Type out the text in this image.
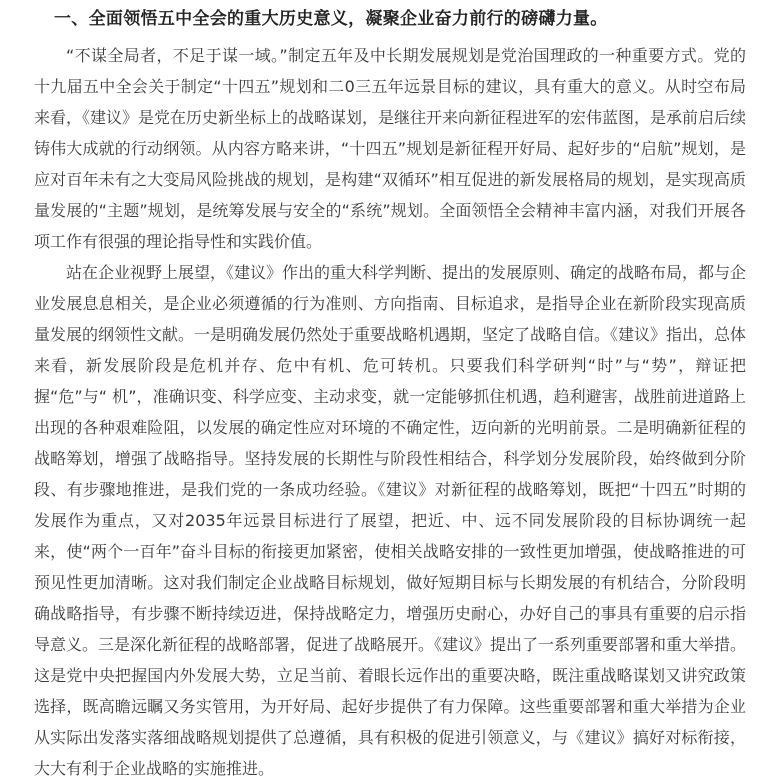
一、全面领悟五中全会的重大历史意义，凝聚企业奋力前行的磅礴力量。

“不谋全局者，不足于谋一域。”制定五年及中长期发展规划是党治国理政的一种重要方式。党的十九届五中全会关于制定“十四五”规划和二0三五年远景目标的建议，具有重大的意义。从时空布局来看，《建议》是党在历史新坐标上的战略谋划，是继往开来向新征程进军的宏伟蓝图，是承前启后续铸伟大成就的行动纲领。从内容方略来讲，“十四五”规划是新征程开好局、起好步的“启航”规划，是应对百年未有之大变局风险挑战的规划，是构建“双循环”相互促进的新发展格局的规划，是实现高质量发展的“主题”规划，是统筹发展与安全的“系统”规划。全面领悟全会精神丰富内涵，对我们开展各项工作有很强的理论指导性和实践价值。

站在企业视野上展望，《建议》作出的重大科学判断、提出的发展原则、确定的战略布局，都与企业发展息息相关，是企业必须遵循的行为准则、方向指南、目标追求，是指导企业在新阶段实现高质量发展的纲领性文献。一是明确发展仍然处于重要战略机遇期，坚定了战略自信。《建议》指出，总体来看，新发展阶段是危机并存、危中有机、危可转机。只要我们科学研判“时”与“势”，辩证把握“危”与“ 机”，准确识变、科学应变、主动求变，就一定能够抓住机遇，趋利避害，战胜前进道路上出现的各种艰难险阻，以发展的确定性应对环境的不确定性，迈向新的光明前景。二是明确新征程的战略筹划，增强了战略指导。坚持发展的长期性与阶段性相结合，科学划分发展阶段，始终做到分阶段、有步骤地推进，是我们党的一条成功经验。《建议》对新征程的战略筹划，既把“十四五”时期的发展作为重点，又对2035年远景目标进行了展望，把近、中、远不同发展阶段的目标协调统一起来，使“两个一百年”奋斗目标的衔接更加紧密，使相关战略安排的一致性更加增强，使战略推进的可预见性更加清晰。这对我们制定企业战略目标规划，做好短期目标与长期发展的有机结合，分阶段明确战略指导，有步骤不断持续迈进，保持战略定力，增强历史耐心，办好自己的事具有重要的启示指导意义。三是深化新征程的战略部署，促进了战略展开。《建议》提出了一系列重要部署和重大举措。这是党中央把握国内外发展大势，立足当前、着眼长远作出的重要决略，既注重战略谋划又讲究政策选择，既高瞻远瞩又务实管用，为开好局、起好步提供了有力保障。这些重要部署和重大举措为企业从实际出发落实落细战略规划提供了总遵循，具有积极的促进引领意义，与《建议》搞好对标衔接，大大有利于企业战略的实施推进。
